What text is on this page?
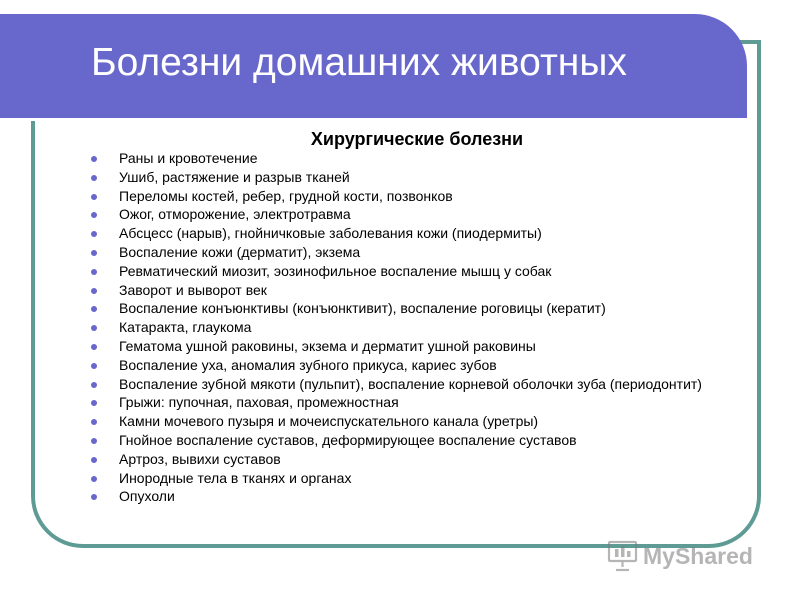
Болезни домашних животных
Хирургические болезни
Раны и кровотечение
Ушиб, растяжение и разрыв тканей
Переломы костей, ребер, грудной кости, позвонков
Ожог, отморожение, электротравма
Абсцесс (нарыв), гнойничковые заболевания кожи (пиодермиты)
Воспаление кожи (дерматит), экзема
Ревматический миозит, эозинофильное воспаление мышц у собак
Заворот и выворот век
Воспаление конъюнктивы (конъюнктивит), воспаление роговицы (кератит)
Катаракта, глаукома
Гематома ушной раковины, экзема и дерматит ушной раковины
Воспаление уха, аномалия зубного прикуса, кариес зубов
Воспаление зубной мякоти (пульпит), воспаление корневой оболочки зуба (периодонтит)
Грыжи: пупочная, паховая, промежностная
Камни мочевого пузыря и мочеиспускательного канала (уретры)
Гнойное воспаление суставов, деформирующее воспаление суставов
Артроз, вывихи суставов
Инородные тела в тканях и органах
Опухоли
MyShared
